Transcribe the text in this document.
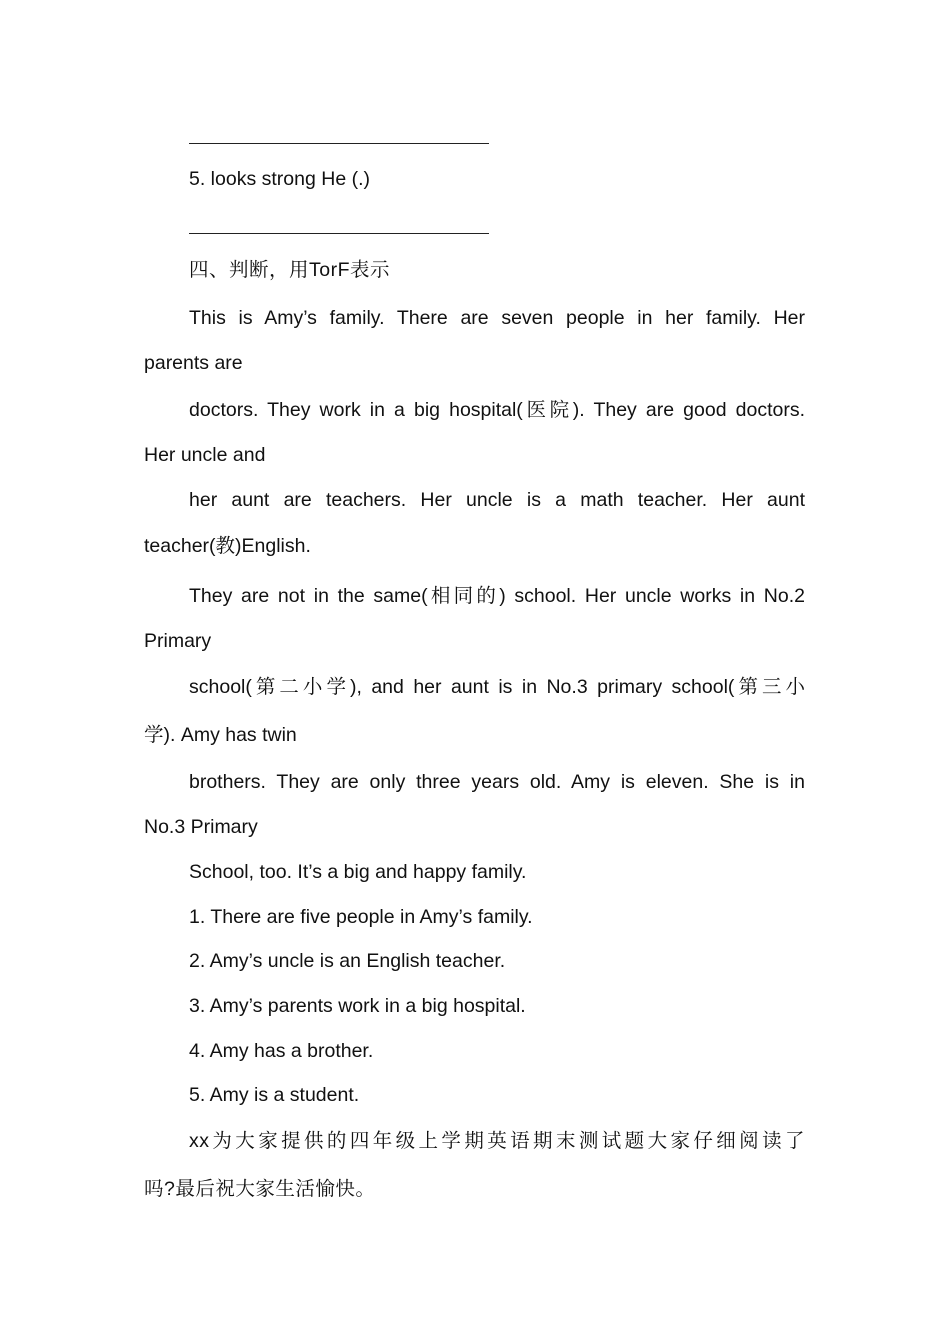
5. looks strong He (.)
四、判断，用TorF表示
This is Amy’s family. There are seven people in her family. Her
parents are
doctors. They work in a big hospital(医院). They are good doctors.
Her uncle and
her aunt are teachers. Her uncle is a math teacher. Her aunt
teacher(教)English.
They are not in the same(相同的) school. Her uncle works in No.2
Primary
school(第二小学), and her aunt is in No.3 primary school(第三小
学). Amy has twin
brothers. They are only three years old. Amy is eleven. She is in
No.3 Primary
School, too. It’s a big and happy family.
1. There are five people in Amy’s family.
2. Amy’s uncle is an English teacher.
3. Amy’s parents work in a big hospital.
4. Amy has a brother.
5. Amy is a student.
xx为大家提供的四年级上学期英语期末测试题大家仔细阅读了
吗?最后祝大家生活愉快。
